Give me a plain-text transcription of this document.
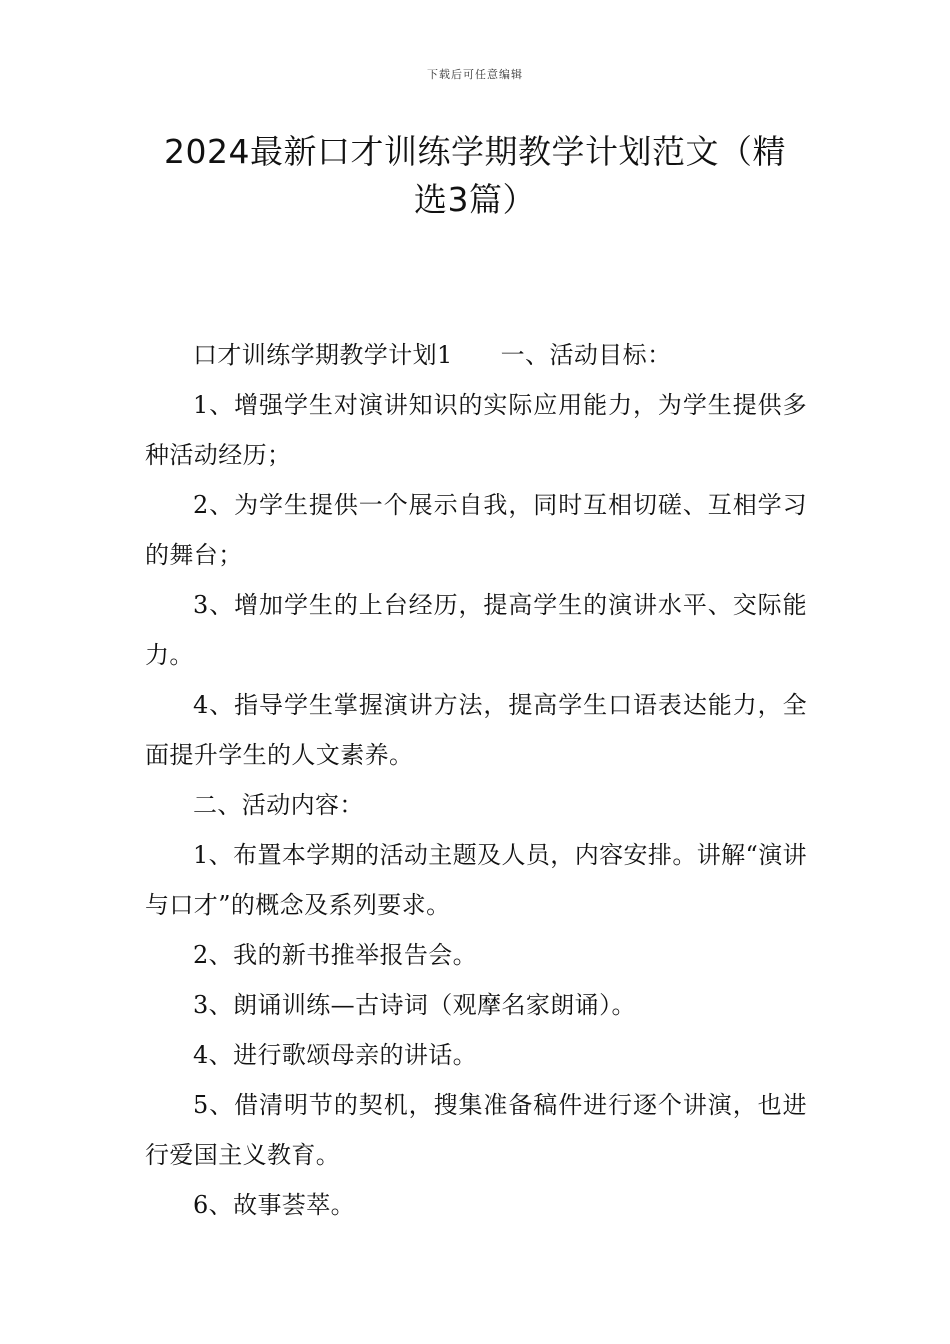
下载后可任意编辑
2024最新口才训练学期教学计划范文（精
选3篇）

口才训练学期教学计划1 一、活动目标：

1、增强学生对演讲知识的实际应用能力，为学生提供多种活动经历；

2、为学生提供一个展示自我，同时互相切磋、互相学习的舞台；

3、增加学生的上台经历，提高学生的演讲水平、交际能力。

4、指导学生掌握演讲方法，提高学生口语表达能力，全面提升学生的人文素养。

二、活动内容：

1、布置本学期的活动主题及人员，内容安排。讲解“演讲与口才”的概念及系列要求。

2、我的新书推举报告会。

3、朗诵训练—古诗词（观摩名家朗诵）。

4、进行歌颂母亲的讲话。

5、借清明节的契机，搜集准备稿件进行逐个讲演，也进行爱国主义教育。

6、故事荟萃。
